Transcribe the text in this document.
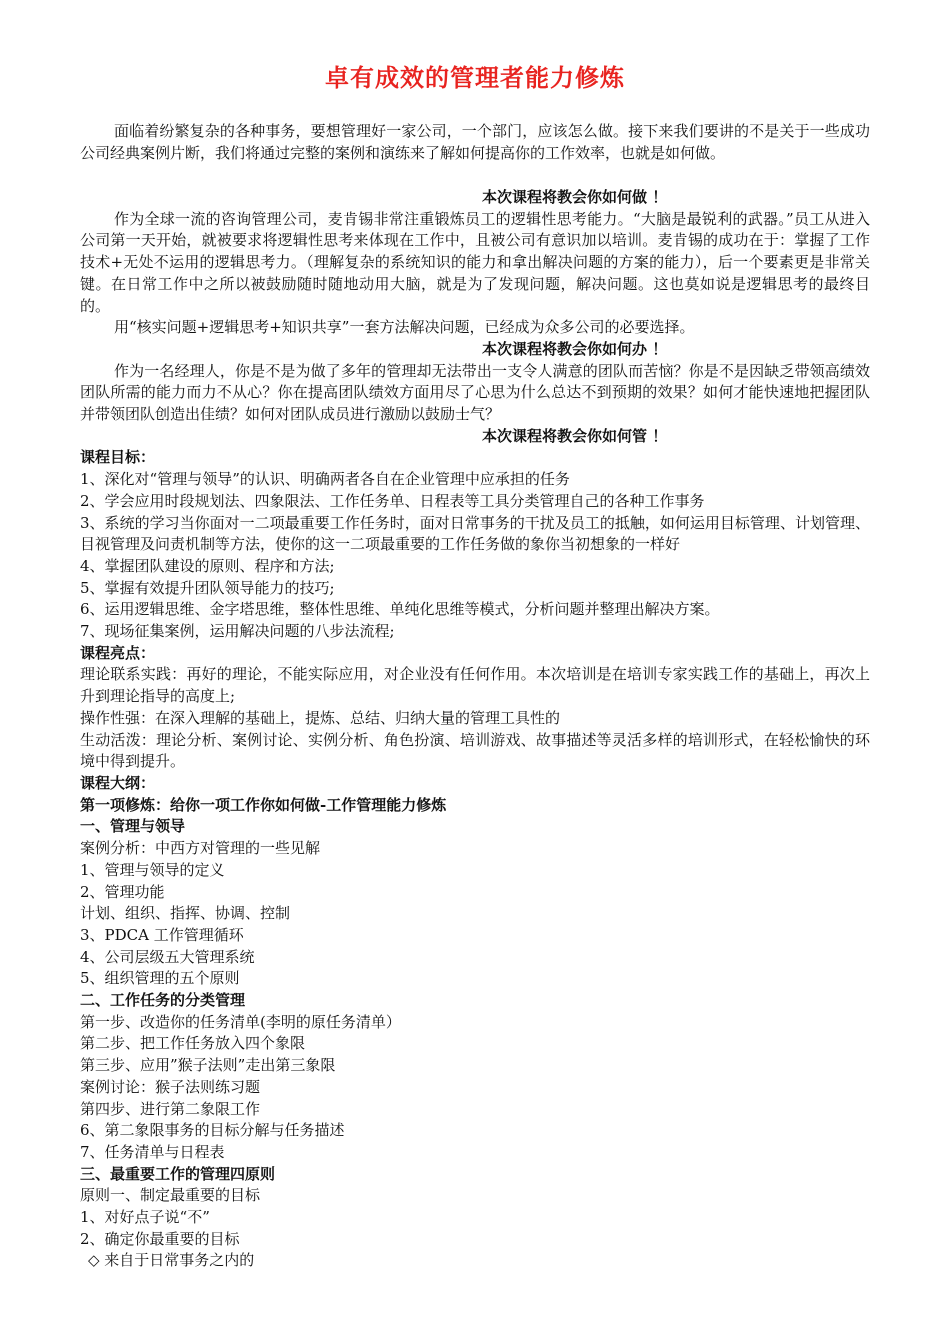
卓有成效的管理者能力修炼
面临着纷繁复杂的各种事务，要想管理好一家公司，一个部门，应该怎么做。接下来我们要讲的不是关于一些成功公司经典案例片断，我们将通过完整的案例和演练来了解如何提高你的工作效率，也就是如何做。
本次课程将教会你如何做 ！
作为全球一流的咨询管理公司，麦肯锡非常注重锻炼员工的逻辑性思考能力。“大脑是最锐利的武器。”员工从进入公司第一天开始，就被要求将逻辑性思考来体现在工作中，且被公司有意识加以培训。麦肯锡的成功在于：掌握了工作技术+无处不运用的逻辑思考力。（理解复杂的系统知识的能力和拿出解决问题的方案的能力），后一个要素更是非常关键。在日常工作中之所以被鼓励随时随地动用大脑，就是为了发现问题，解决问题。这也莫如说是逻辑思考的最终目的。
用“核实问题+逻辑思考+知识共享”一套方法解决问题，已经成为众多公司的必要选择。
本次课程将教会你如何办 ！
作为一名经理人，你是不是为做了多年的管理却无法带出一支令人满意的团队而苦恼？你是不是因缺乏带领高绩效团队所需的能力而力不从心？你在提高团队绩效方面用尽了心思为什么总达不到预期的效果？如何才能快速地把握团队并带领团队创造出佳绩？如何对团队成员进行激励以鼓励士气？
本次课程将教会你如何管 ！
课程目标：
1、深化对“管理与领导”的认识、明确两者各自在企业管理中应承担的任务
2、学会应用时段规划法、四象限法、工作任务单、日程表等工具分类管理自己的各种工作事务
3、系统的学习当你面对一二项最重要工作任务时，面对日常事务的干扰及员工的抵触，如何运用目标管理、计划管理、目视管理及问责机制等方法，使你的这一二项最重要的工作任务做的象你当初想象的一样好
4、掌握团队建设的原则、程序和方法;
5、掌握有效提升团队领导能力的技巧;
6、运用逻辑思维、金字塔思维，整体性思维、单纯化思维等模式，分析问题并整理出解决方案。
7、现场征集案例，运用解决问题的八步法流程;
课程亮点：
理论联系实践：再好的理论，不能实际应用，对企业没有任何作用。本次培训是在培训专家实践工作的基础上，再次上升到理论指导的高度上;
操作性强：在深入理解的基础上，提炼、总结、归纳大量的管理工具性的
生动活泼：理论分析、案例讨论、实例分析、角色扮演、培训游戏、故事描述等灵活多样的培训形式，在轻松愉快的环境中得到提升。
课程大纲：
第一项修炼：给你一项工作你如何做-工作管理能力修炼
一、管理与领导
案例分析：中西方对管理的一些见解
1、管理与领导的定义
2、管理功能
计划、组织、指挥、协调、控制
3、PDCA 工作管理循环
4、公司层级五大管理系统
5、组织管理的五个原则
二、工作任务的分类管理
第一步、改造你的任务清单(李明的原任务清单）
第二步、把工作任务放入四个象限
第三步、应用”猴子法则”走出第三象限
案例讨论：猴子法则练习题
第四步、进行第二象限工作
6、第二象限事务的目标分解与任务描述
7、任务清单与日程表
三、最重要工作的管理四原则
原则一、制定最重要的目标
1、对好点子说“不”
2、确定你最重要的目标
◇ 来自于日常事务之内的
